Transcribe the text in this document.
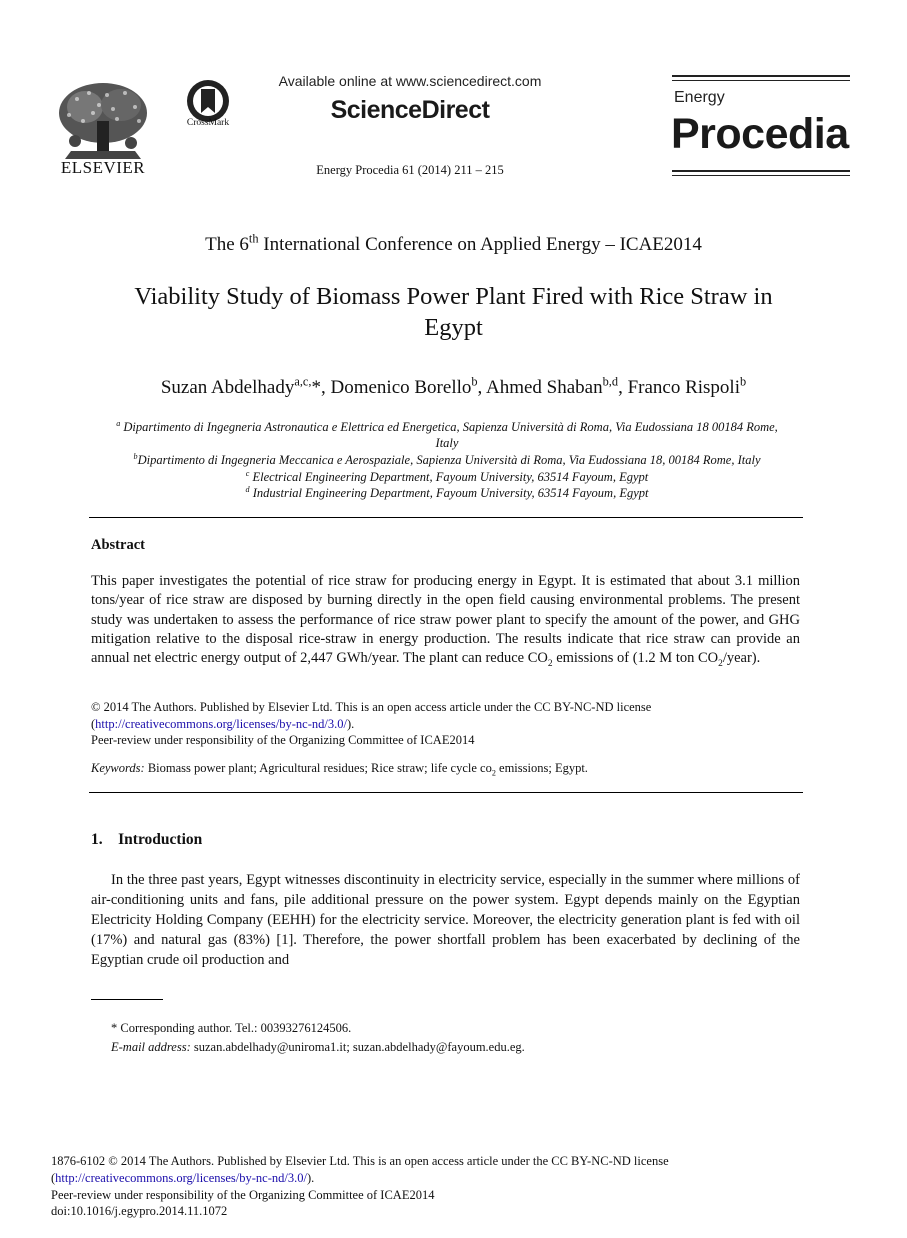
ELSEVIER
CrossMark
Available online at www.sciencedirect.com
ScienceDirect
Energy Procedia 61 (2014) 211 – 215
Energy
Procedia
The 6th International Conference on Applied Energy – ICAE2014
Viability Study of Biomass Power Plant Fired with Rice Straw in
Egypt
Suzan Abdelhady$^{a,c,}$*, Domenico Borello$^b$, Ahmed Shaban$^{b,d}$, Franco Rispoli$^b$
$^a$ Dipartimento di Ingegneria Astronautica e Elettrica ed Energetica, Sapienza Università di Roma, Via Eudossiana 18 00184 Rome,
Italy
$^b$Dipartimento di Ingegneria Meccanica e Aerospaziale, Sapienza Università di Roma, Via Eudossiana 18, 00184 Rome, Italy
$^c$ Electrical Engineering Department, Fayoum University, 63514 Fayoum, Egypt
$^d$ Industrial Engineering Department, Fayoum University, 63514 Fayoum, Egypt
Abstract
This paper investigates the potential of rice straw for producing energy in Egypt. It is estimated that about 3.1 million tons/year of rice straw are disposed by burning directly in the open field causing environmental problems. The present study was undertaken to assess the performance of rice straw power plant to specify the amount of the power, and GHG mitigation relative to the disposal rice-straw in energy production. The results indicate that rice straw can provide an annual net electric energy output of 2,447 GWh/year. The plant can reduce $CO_2$ emissions of (1.2 M ton $CO_2/year$).
© 2014 The Authors. Published by Elsevier Ltd. This is an open access article under the CC BY-NC-ND license
(http://creativecommons.org/licenses/by-nc-nd/3.0/).
Peer-review under responsibility of the Organizing Committee of ICAE2014
Keywords: Biomass power plant; Agricultural residues; Rice straw; life cycle $co_2$ emissions; Egypt.
1.    Introduction
In the three past years, Egypt witnesses discontinuity in electricity service, especially in the summer where millions of air-conditioning units and fans, pile additional pressure on the power system. Egypt depends mainly on the Egyptian Electricity Holding Company (EEHH) for the electricity service. Moreover, the electricity generation plant is fed with oil (17%) and natural gas (83%) [1]. Therefore, the power shortfall problem has been exacerbated by declining of the Egyptian crude oil production and
* Corresponding author. Tel.: 00393276124506.
E-mail address: suzan.abdelhady@uniroma1.it; suzan.abdelhady@fayoum.edu.eg.
1876-6102 © 2014 The Authors. Published by Elsevier Ltd. This is an open access article under the CC BY-NC-ND license
(http://creativecommons.org/licenses/by-nc-nd/3.0/).
Peer-review under responsibility of the Organizing Committee of ICAE2014
doi:10.1016/j.egypro.2014.11.1072
